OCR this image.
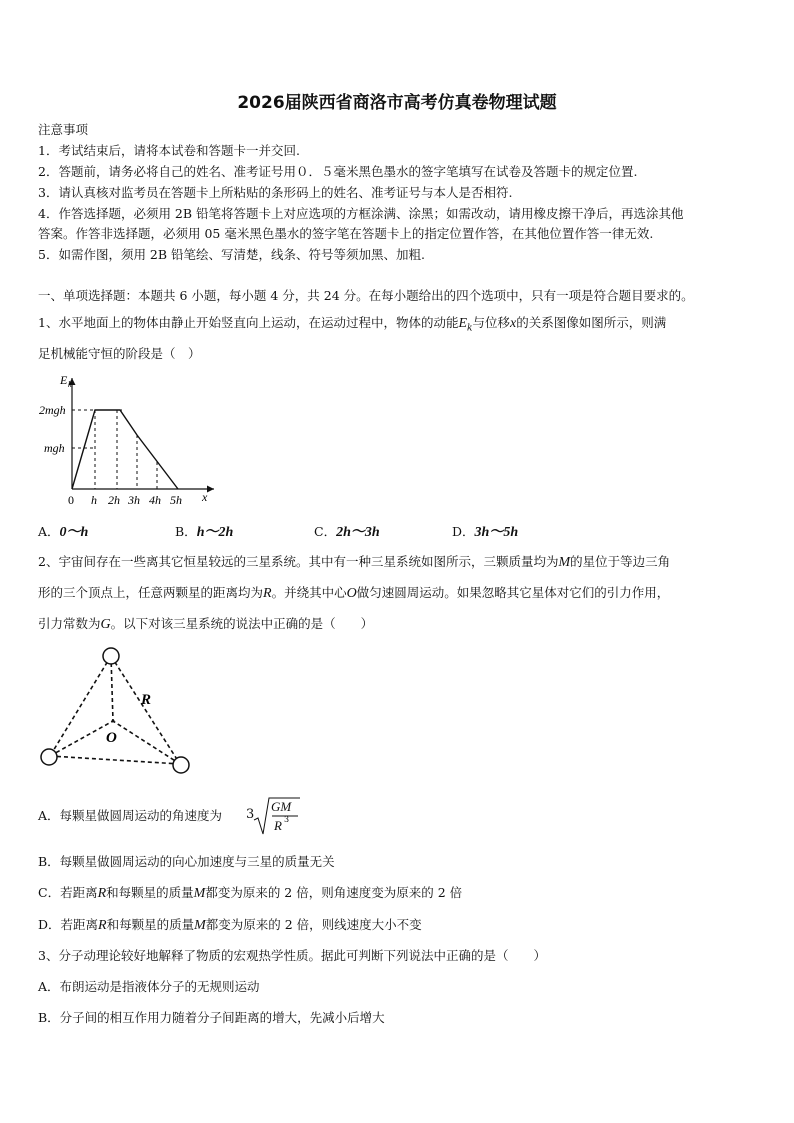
2026届陕西省商洛市高考仿真卷物理试题
注意事项
1．考试结束后，请将本试卷和答题卡一并交回.
2．答题前，请务必将自己的姓名、准考证号用０．５毫米黑色墨水的签字笔填写在试卷及答题卡的规定位置.
3．请认真核对监考员在答题卡上所粘贴的条形码上的姓名、准考证号与本人是否相符.
4．作答选择题，必须用 2B 铅笔将答题卡上对应选项的方框涂满、涂黑；如需改动，请用橡皮擦干净后，再选涂其他
答案。作答非选择题，必须用 05 毫米黑色墨水的签字笔在答题卡上的指定位置作答，在其他位置作答一律无效.
5．如需作图，须用 2B 铅笔绘、写清楚，线条、符号等须加黑、加粗.
一、单项选择题：本题共 6 小题，每小题 4 分，共 24 分。在每小题给出的四个选项中，只有一项是符合题目要求的。
1、水平地面上的物体由静止开始竖直向上运动，在运动过程中，物体的动能$E_k$与位移x的关系图像如图所示，则满
足机械能守恒的阶段是（　）
E k
2mgh
mgh
0 h 2h 3h 4h 5h x
A．0～h	B．h～2h	C．2h～3h	D．3h～5h
2、宇宙间存在一些离其它恒星较远的三星系统。其中有一种三星系统如图所示，三颗质量均为M的星位于等边三角
形的三个顶点上，任意两颗星的距离均为R。并绕其中心O做匀速圆周运动。如果忽略其它星体对它们的引力作用，
引力常数为G。以下对该三星系统的说法中正确的是（　　）
R
O
A．每颗星做圆周运动的角速度为 3
GM
R 3
B．每颗星做圆周运动的向心加速度与三星的质量无关
C．若距离R和每颗星的质量M都变为原来的 2 倍，则角速度变为原来的 2 倍
D．若距离R和每颗星的质量M都变为原来的 2 倍，则线速度大小不变
3、分子动理论较好地解释了物质的宏观热学性质。据此可判断下列说法中正确的是（　　）
A．布朗运动是指液体分子的无规则运动
B．分子间的相互作用力随着分子间距离的增大，先减小后增大
